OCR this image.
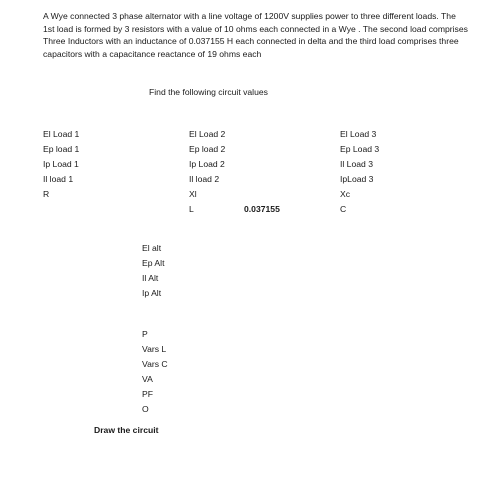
A Wye connected 3 phase alternator with a line voltage of 1200V supplies power to three different loads. The 1st load is formed by 3 resistors with a value of 10 ohms each connected in a Wye . The second load comprises Three Inductors with an inductance of 0.037155 H each connected in delta and the third load comprises three capacitors with a capacitance reactance of 19 ohms each

Find the following circuit values

El Load 1
Ep load 1
Ip Load 1
Il load 1
R
El Load 2
Ep load 2
Ip Load 2
Il load 2
Xl
L	0.037155
El Load 3
Ep Load 3
Il Load 3
IpLoad 3
Xc
C
El alt
Ep Alt
Il Alt
Ip Alt
P
Vars L
Vars C
VA
PF
O

Draw the circuit
